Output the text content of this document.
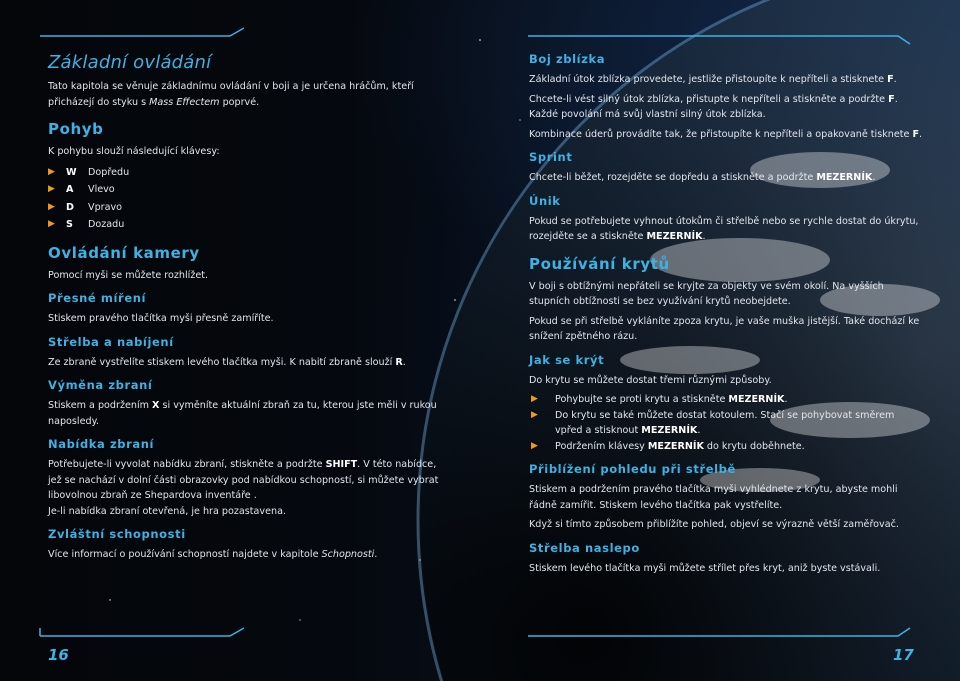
Základní ovládání

Tato kapitola se věnuje základnímu ovládání v boji a je určena hráčům, kteří
přicházejí do styku s Mass Effectem poprvé.

Pohyb

K pohybu slouží následující klávesy:

▶	W	Dopředu
▶	A	Vlevo
▶	D	Vpravo
▶	S	Dozadu
Ovládání kamery

Pomocí myši se můžete rozhlížet.

Přesné míření

Stiskem pravého tlačítka myši přesně zamíříte.

Střelba a nabíjení

Ze zbraně vystřelíte stiskem levého tlačítka myši. K nabití zbraně slouží R.

Výměna zbraní

Stiskem a podržením X si vyměníte aktuální zbraň za tu, kterou jste měli v rukou naposledy.

Nabídka zbraní

Potřebujete-li vyvolat nabídku zbraní, stiskněte a podržte SHIFT. V této nabídce, jež se nachází v dolní části obrazovky pod nabídkou schopností, si můžete vybrat libovolnou zbraň ze Shepardova inventáře .

Je-li nabídka zbraní otevřená, je hra pozastavena.

Zvláštní schopnosti

Více informací o používání schopností najdete v kapitole Schopnosti.

Boj zblízka

Základní útok zblízka provedete, jestliže přistoupíte k nepříteli a stisknete F.

Chcete-li vést silný útok zblízka, přistupte k nepříteli a stiskněte a podržte F. Každé povolání má svůj vlastní silný útok zblízka.

Kombinace úderů provádíte tak, že přistoupíte k nepříteli a opakovaně tisknete F.

Sprint

Chcete-li běžet, rozejděte se dopředu a stiskněte a podržte MEZERNÍK.

Únik

Pokud se potřebujete vyhnout útokům či střelbě nebo se rychle dostat do úkrytu, rozejděte se a stiskněte MEZERNÍK.

Používání krytů

V boji s obtížnými nepřáteli se kryjte za objekty ve svém okolí. Na vyšších stupních obtížnosti se bez využívání krytů neobejdete.

Pokud se při střelbě vykláníte zpoza krytu, je vaše muška jistější. Také dochází ke snížení zpětného rázu.

Jak se krýt

Do krytu se můžete dostat třemi různými způsoby.

▶	Pohybujte se proti krytu a stiskněte MEZERNÍK.
▶	Do krytu se také můžete dostat kotoulem. Stačí se pohybovat směrem vpřed a stisknout MEZERNÍK.
▶	Podržením klávesy MEZERNÍK do krytu doběhnete.
Přiblížení pohledu při střelbě

Stiskem a podržením pravého tlačítka myši vyhlédnete z krytu, abyste mohli řádně zamířit. Stiskem levého tlačítka pak vystřelíte.

Když si tímto způsobem přiblížíte pohled, objeví se výrazně větší zaměřovač.

Střelba naslepo

Stiskem levého tlačítka myši můžete střílet přes kryt, aniž byste vstávali.

16	17
